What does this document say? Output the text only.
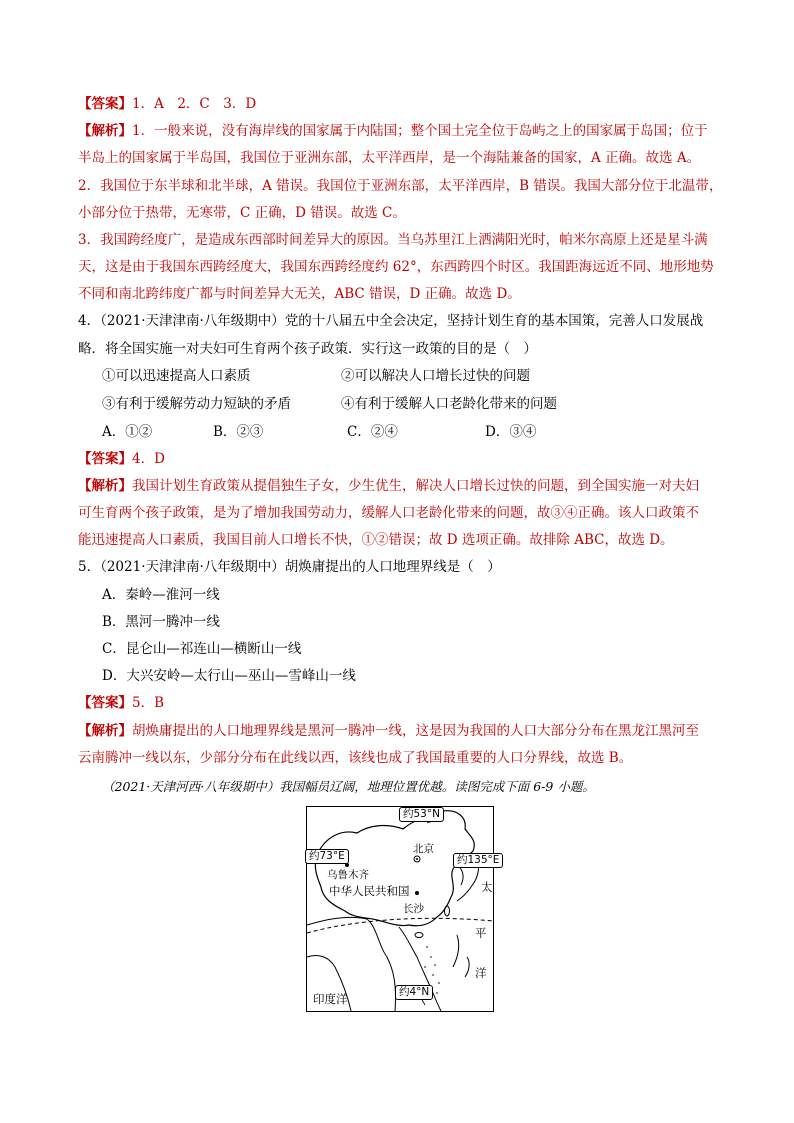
【答案】1．A　2．C　3．D
【解析】1．一般来说，没有海岸线的国家属于内陆国；整个国土完全位于岛屿之上的国家属于岛国；位于
半岛上的国家属于半岛国，我国位于亚洲东部，太平洋西岸，是一个海陆兼备的国家，A 正确。故选 A。
2．我国位于东半球和北半球，A 错误。我国位于亚洲东部，太平洋西岸，B 错误。我国大部分位于北温带，
小部分位于热带，无寒带，C 正确，D 错误。故选 C。
3．我国跨经度广，是造成东西部时间差异大的原因。当乌苏里江上洒满阳光时，帕米尔高原上还是星斗满
天，这是由于我国东西跨经度大，我国东西跨经度约 62°，东西跨四个时区。我国距海远近不同、地形地势
不同和南北跨纬度广都与时间差异大无关，ABC 错误，D 正确。故选 D。
4．（2021·天津津南·八年级期中）党的十八届五中全会决定，坚持计划生育的基本国策，完善人口发展战
略．将全国实施一对夫妇可生育两个孩子政策．实行这一政策的目的是（　）
①可以迅速提高人口素质	②可以解决人口增长过快的问题
③有利于缓解劳动力短缺的矛盾	④有利于缓解人口老龄化带来的问题
A．①②	B．②③	C．②④	D．③④
【答案】4．D
【解析】我国计划生育政策从提倡独生子女，少生优生，解决人口增长过快的问题，到全国实施一对夫妇
可生育两个孩子政策，是为了增加我国劳动力，缓解人口老龄化带来的问题，故③④正确。该人口政策不
能迅速提高人口素质，我国目前人口增长不快，①②错误；故 D 选项正确。故排除 ABC，故选 D。
5．（2021·天津津南·八年级期中）胡焕庸提出的人口地理界线是（　）
A．秦岭—淮河一线
B．黑河一腾冲一线
C．昆仑山—祁连山—横断山一线
D．大兴安岭—太行山—巫山—雪峰山一线
【答案】5．B
【解析】胡焕庸提出的人口地理界线是黑河一腾冲一线，这是因为我国的人口大部分分布在黑龙江黑河至
云南腾冲一线以东，少部分分布在此线以西，该线也成了我国最重要的人口分界线，故选 B。
（2021·天津河西·八年级期中）我国幅员辽阔，地理位置优越。读图完成下面 6-9 小题。
约53°N
约73°E	约135°E
约4°N
乌鲁木齐
北京
中华人民共和国
长沙
太
平
洋
印度洋
